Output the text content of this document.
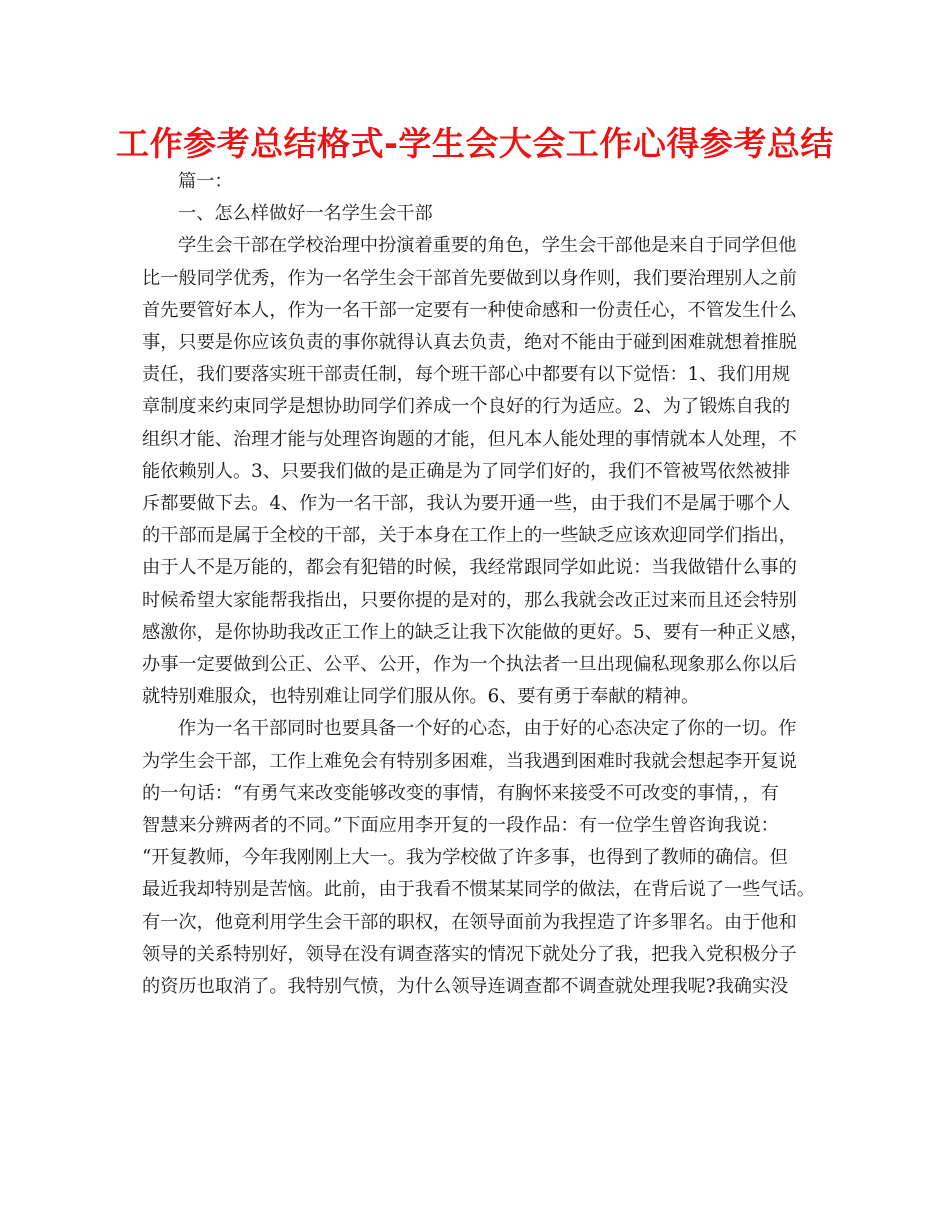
工作参考总结格式-学生会大会工作心得参考总结
篇一：
一、怎么样做好一名学生会干部
学生会干部在学校治理中扮演着重要的角色，学生会干部他是来自于同学但他
比一般同学优秀，作为一名学生会干部首先要做到以身作则，我们要治理别人之前
首先要管好本人，作为一名干部一定要有一种使命感和一份责任心，不管发生什么
事，只要是你应该负责的事你就得认真去负责，绝对不能由于碰到困难就想着推脱
责任，我们要落实班干部责任制，每个班干部心中都要有以下觉悟：1、我们用规
章制度来约束同学是想协助同学们养成一个良好的行为适应。2、为了锻炼自我的
组织才能、治理才能与处理咨询题的才能，但凡本人能处理的事情就本人处理，不
能依赖别人。3、只要我们做的是正确是为了同学们好的，我们不管被骂依然被排
斥都要做下去。4、作为一名干部，我认为要开通一些，由于我们不是属于哪个人
的干部而是属于全校的干部，关于本身在工作上的一些缺乏应该欢迎同学们指出，
由于人不是万能的，都会有犯错的时候，我经常跟同学如此说：当我做错什么事的
时候希望大家能帮我指出，只要你提的是对的，那么我就会改正过来而且还会特别
感激你，是你协助我改正工作上的缺乏让我下次能做的更好。5、要有一种正义感，
办事一定要做到公正、公平、公开，作为一个执法者一旦出现偏私现象那么你以后
就特别难服众，也特别难让同学们服从你。6、要有勇于奉献的精神。
作为一名干部同时也要具备一个好的心态，由于好的心态决定了你的一切。作
为学生会干部，工作上难免会有特别多困难，当我遇到困难时我就会想起李开复说
的一句话：“有勇气来改变能够改变的事情，有胸怀来接受不可改变的事情，，有
智慧来分辨两者的不同。”下面应用李开复的一段作品：有一位学生曾咨询我说：
“开复教师，今年我刚刚上大一。我为学校做了许多事，也得到了教师的确信。但
最近我却特别是苦恼。此前，由于我看不惯某某同学的做法，在背后说了一些气话。
有一次，他竟利用学生会干部的职权，在领导面前为我捏造了许多罪名。由于他和
领导的关系特别好，领导在没有调查落实的情况下就处分了我，把我入党积极分子
的资历也取消了。我特别气愤，为什么领导连调查都不调查就处理我呢?我确实没
